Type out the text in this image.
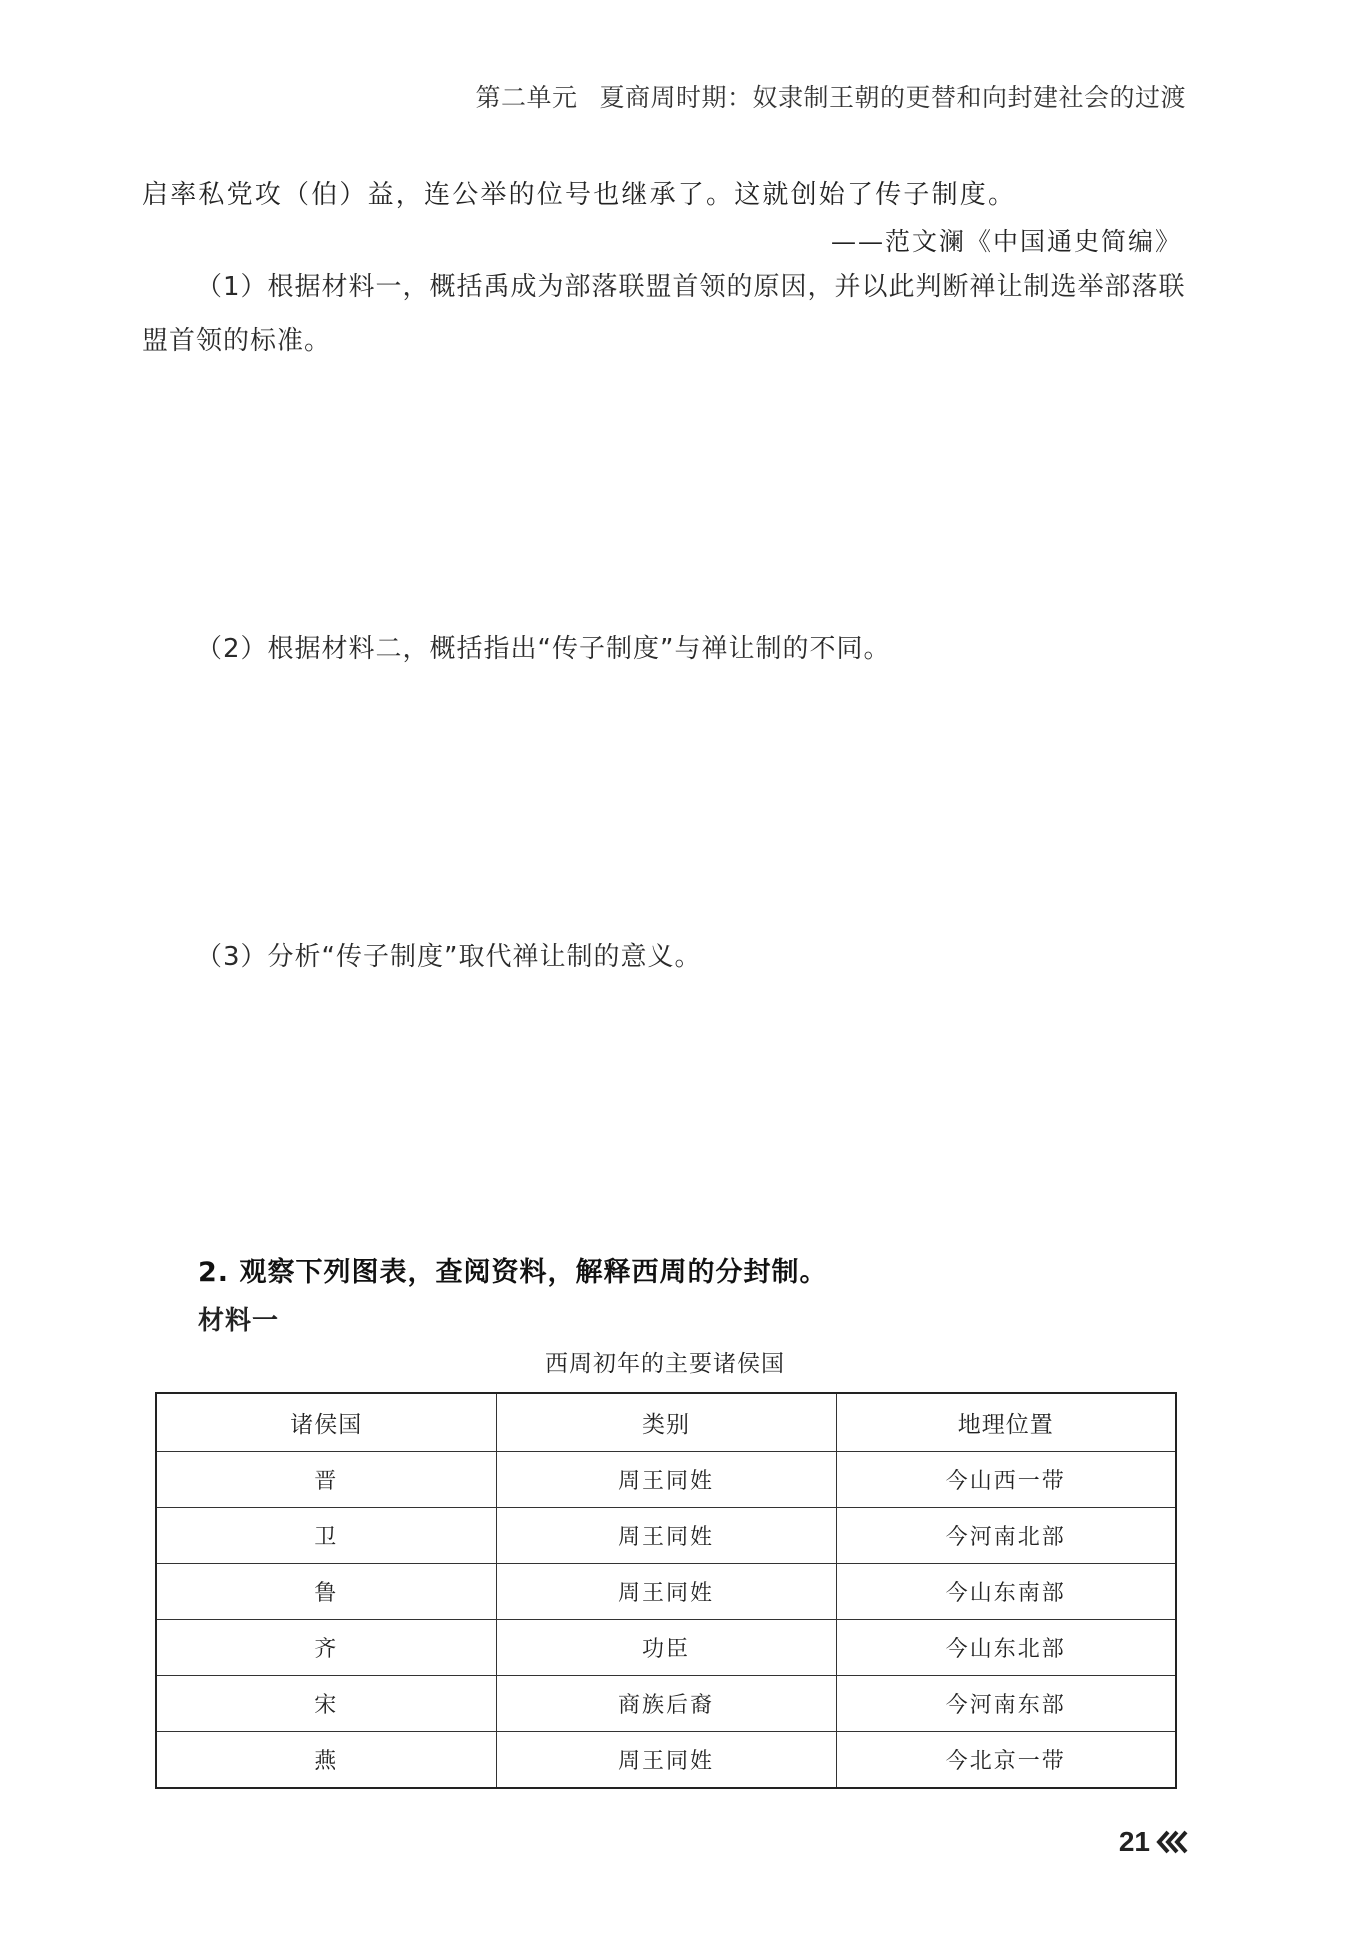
第二单元 夏商周时期：奴隶制王朝的更替和向封建社会的过渡
启率私党攻（伯）益，连公举的位号也继承了。这就创始了传子制度。
——范文澜《中国通史简编》
（1）根据材料一，概括禹成为部落联盟首领的原因，并以此判断禅让制选举部落联盟首领的标准。
（2）根据材料二，概括指出“传子制度”与禅让制的不同。
（3）分析“传子制度”取代禅让制的意义。
2. 观察下列图表，查阅资料，解释西周的分封制。
材料一
西周初年的主要诸侯国
诸侯国	类别	地理位置
晋	周王同姓	今山西一带
卫	周王同姓	今河南北部
鲁	周王同姓	今山东南部
齐	功臣	今山东北部
宋	商族后裔	今河南东部
燕	周王同姓	今北京一带
21
